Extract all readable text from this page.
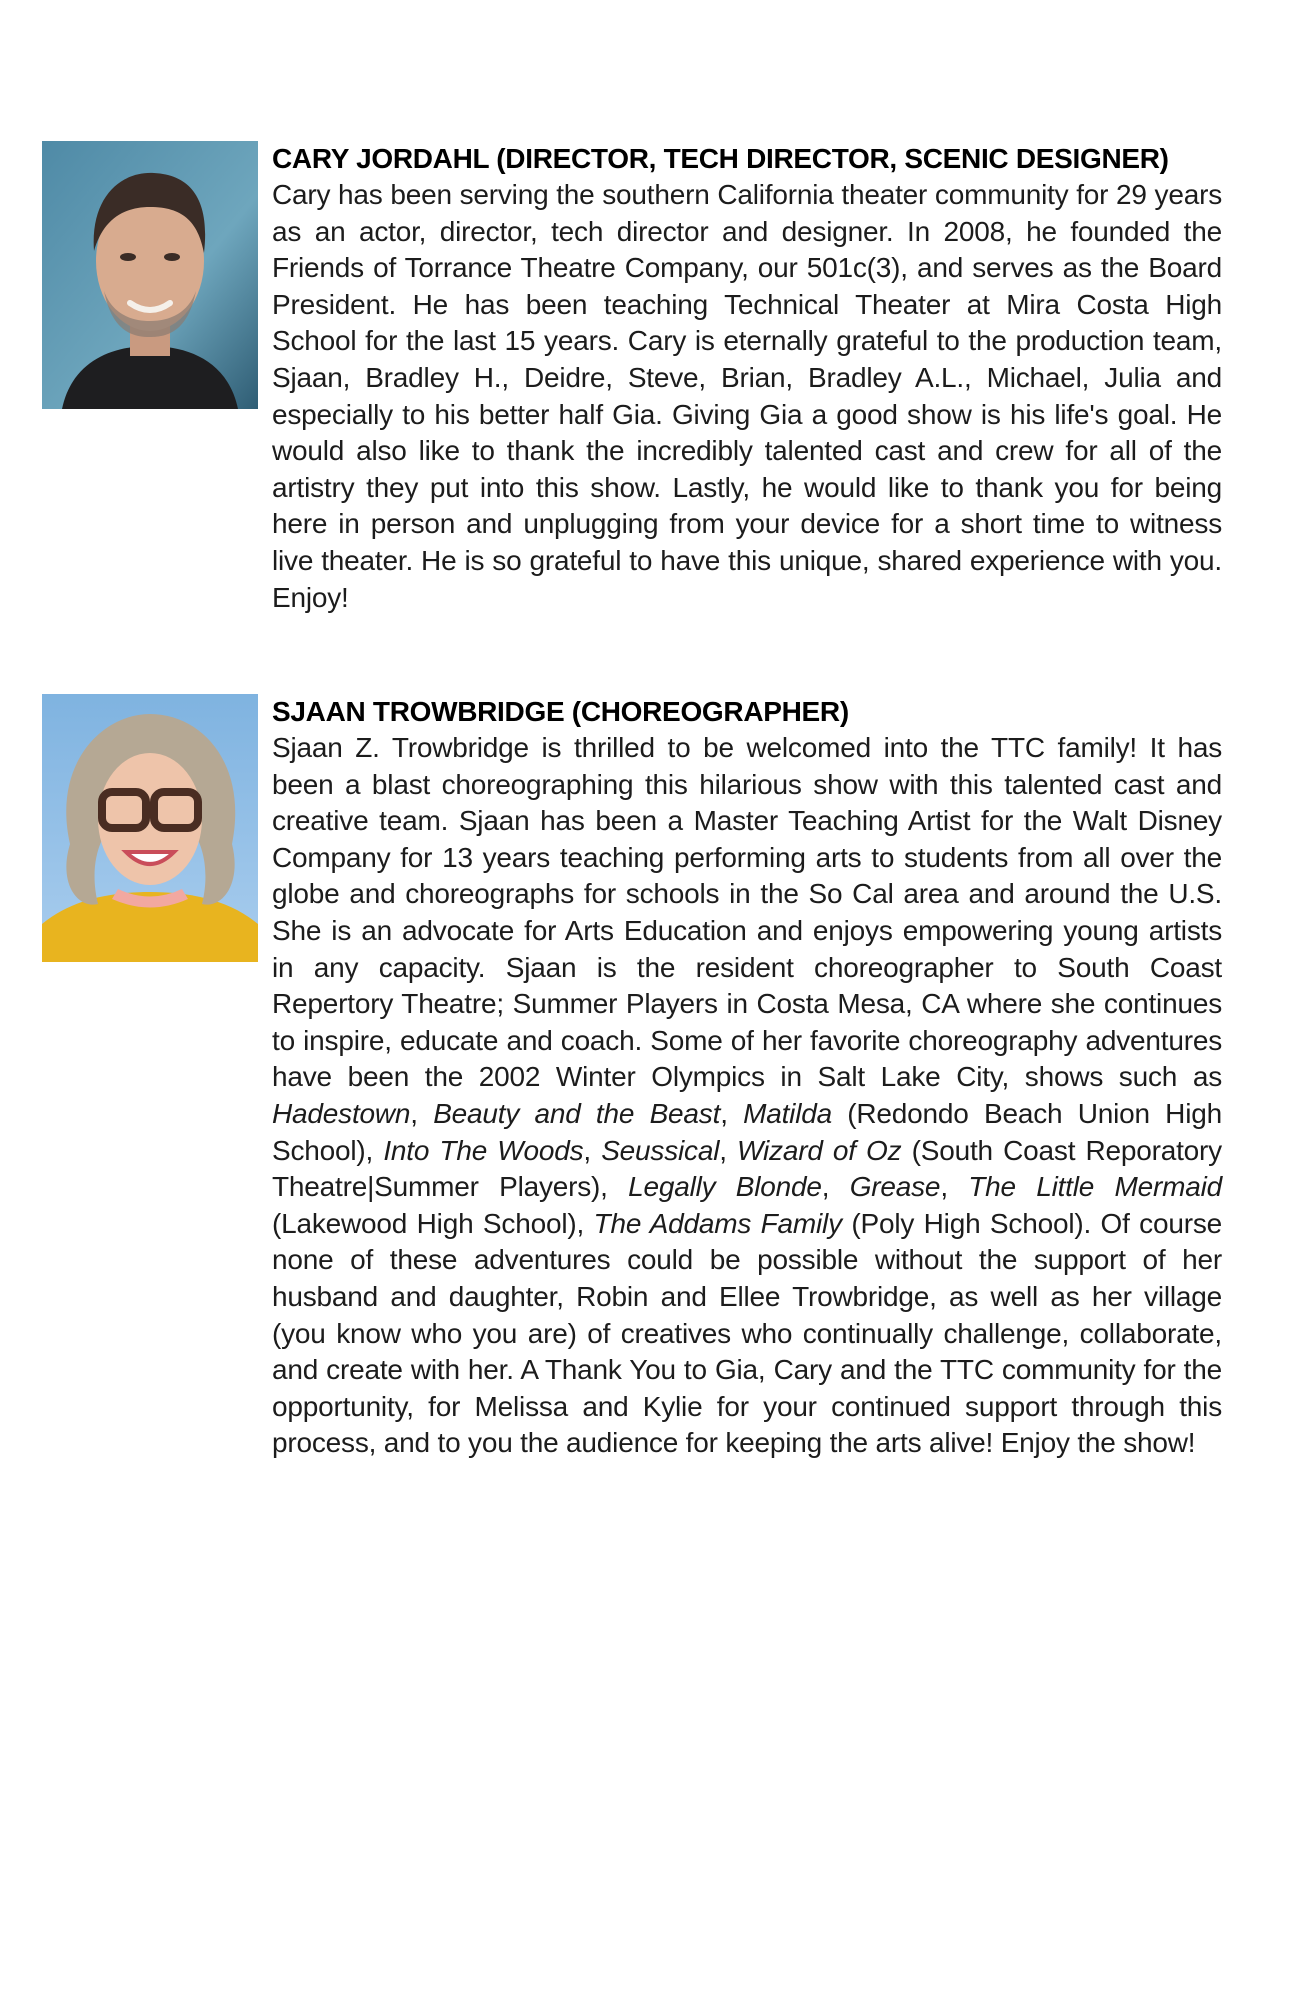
CARY JORDAHL (DIRECTOR, TECH DIRECTOR, SCENIC DESIGNER)

Cary has been serving the southern California theater community for 29 years as an actor, director, tech director and designer. In 2008, he founded the Friends of Torrance Theatre Company, our 501c(3), and serves as the Board President. He has been teaching Technical Theater at Mira Costa High School for the last 15 years. Cary is eternally grateful to the production team, Sjaan, Bradley H., Deidre, Steve, Brian, Bradley A.L., Michael, Julia and especially to his better half Gia. Giving Gia a good show is his life's goal. He would also like to thank the incredibly talented cast and crew for all of the artistry they put into this show. Lastly, he would like to thank you for being here in person and unplugging from your device for a short time to witness live theater. He is so grateful to have this unique, shared experience with you. Enjoy!

SJAAN TROWBRIDGE (CHOREOGRAPHER)

Sjaan Z. Trowbridge is thrilled to be welcomed into the TTC family! It has been a blast choreographing this hilarious show with this talented cast and creative team. Sjaan has been a Master Teaching Artist for the Walt Disney Company for 13 years teaching performing arts to students from all over the globe and choreographs for schools in the So Cal area and around the U.S. She is an advocate for Arts Education and enjoys empowering young artists in any capacity. Sjaan is the resident choreographer to South Coast Repertory Theatre; Summer Players in Costa Mesa, CA where she continues to inspire, educate and coach. Some of her favorite choreography adventures have been the 2002 Winter Olympics in Salt Lake City, shows such as Hadestown, Beauty and the Beast, Matilda (Redondo Beach Union High School), Into The Woods, Seussical, Wizard of Oz (South Coast Reporatory Theatre|Summer Players), Legally Blonde, Grease, The Little Mermaid (Lakewood High School), The Addams Family (Poly High School). Of course none of these adventures could be possible without the support of her husband and daughter, Robin and Ellee Trowbridge, as well as her village (you know who you are) of creatives who continually challenge, collaborate, and create with her. A Thank You to Gia, Cary and the TTC community for the opportunity, for Melissa and Kylie for your continued support through this process, and to you the audience for keeping the arts alive! Enjoy the show!
